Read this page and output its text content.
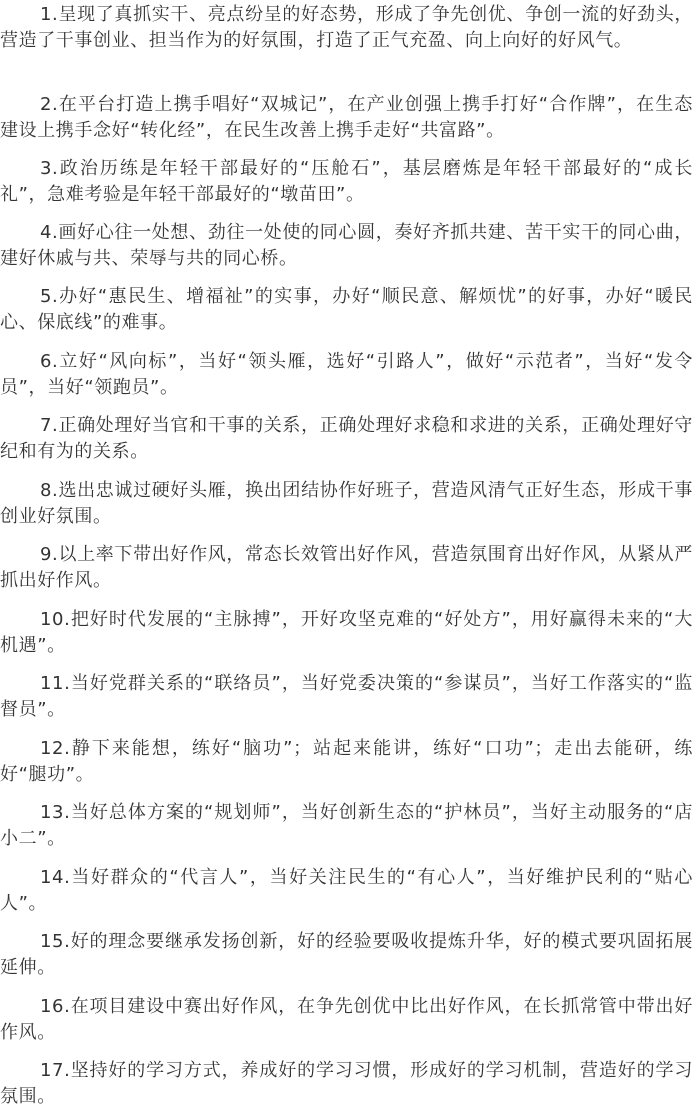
1.呈现了真抓实干、亮点纷呈的好态势，形成了争先创优、争创一流的好劲头，营造了干事创业、担当作为的好氛围，打造了正气充盈、向上向好的好风气。

2.在平台打造上携手唱好“双城记”，在产业创强上携手打好“合作牌”，在生态建设上携手念好“转化经”，在民生改善上携手走好“共富路”。

3.政治历练是年轻干部最好的“压舱石”，基层磨炼是年轻干部最好的“成长礼”，急难考验是年轻干部最好的“墩苗田”。

4.画好心往一处想、劲往一处使的同心圆，奏好齐抓共建、苦干实干的同心曲，建好休戚与共、荣辱与共的同心桥。

5.办好“惠民生、增福祉”的实事，办好“顺民意、解烦忧”的好事，办好“暖民心、保底线”的难事。

6.立好“风向标”，当好“领头雁，选好“引路人”，做好“示范者”，当好“发令员”，当好“领跑员”。

7.正确处理好当官和干事的关系，正确处理好求稳和求进的关系，正确处理好守纪和有为的关系。

8.选出忠诚过硬好头雁，换出团结协作好班子，营造风清气正好生态，形成干事创业好氛围。

9.以上率下带出好作风，常态长效管出好作风，营造氛围育出好作风，从紧从严抓出好作风。

10.把好时代发展的“主脉搏”，开好攻坚克难的“好处方”，用好赢得未来的“大机遇”。

11.当好党群关系的“联络员”，当好党委决策的“参谋员”，当好工作落实的“监督员”。

12.静下来能想，练好“脑功”；站起来能讲，练好“口功”；走出去能研，练好“腿功”。

13.当好总体方案的“规划师”，当好创新生态的“护林员”，当好主动服务的“店小二”。

14.当好群众的“代言人”，当好关注民生的“有心人”，当好维护民利的“贴心人”。

15.好的理念要继承发扬创新，好的经验要吸收提炼升华，好的模式要巩固拓展延伸。

16.在项目建设中赛出好作风，在争先创优中比出好作风，在长抓常管中带出好作风。

17.坚持好的学习方式，养成好的学习习惯，形成好的学习机制，营造好的学习氛围。
